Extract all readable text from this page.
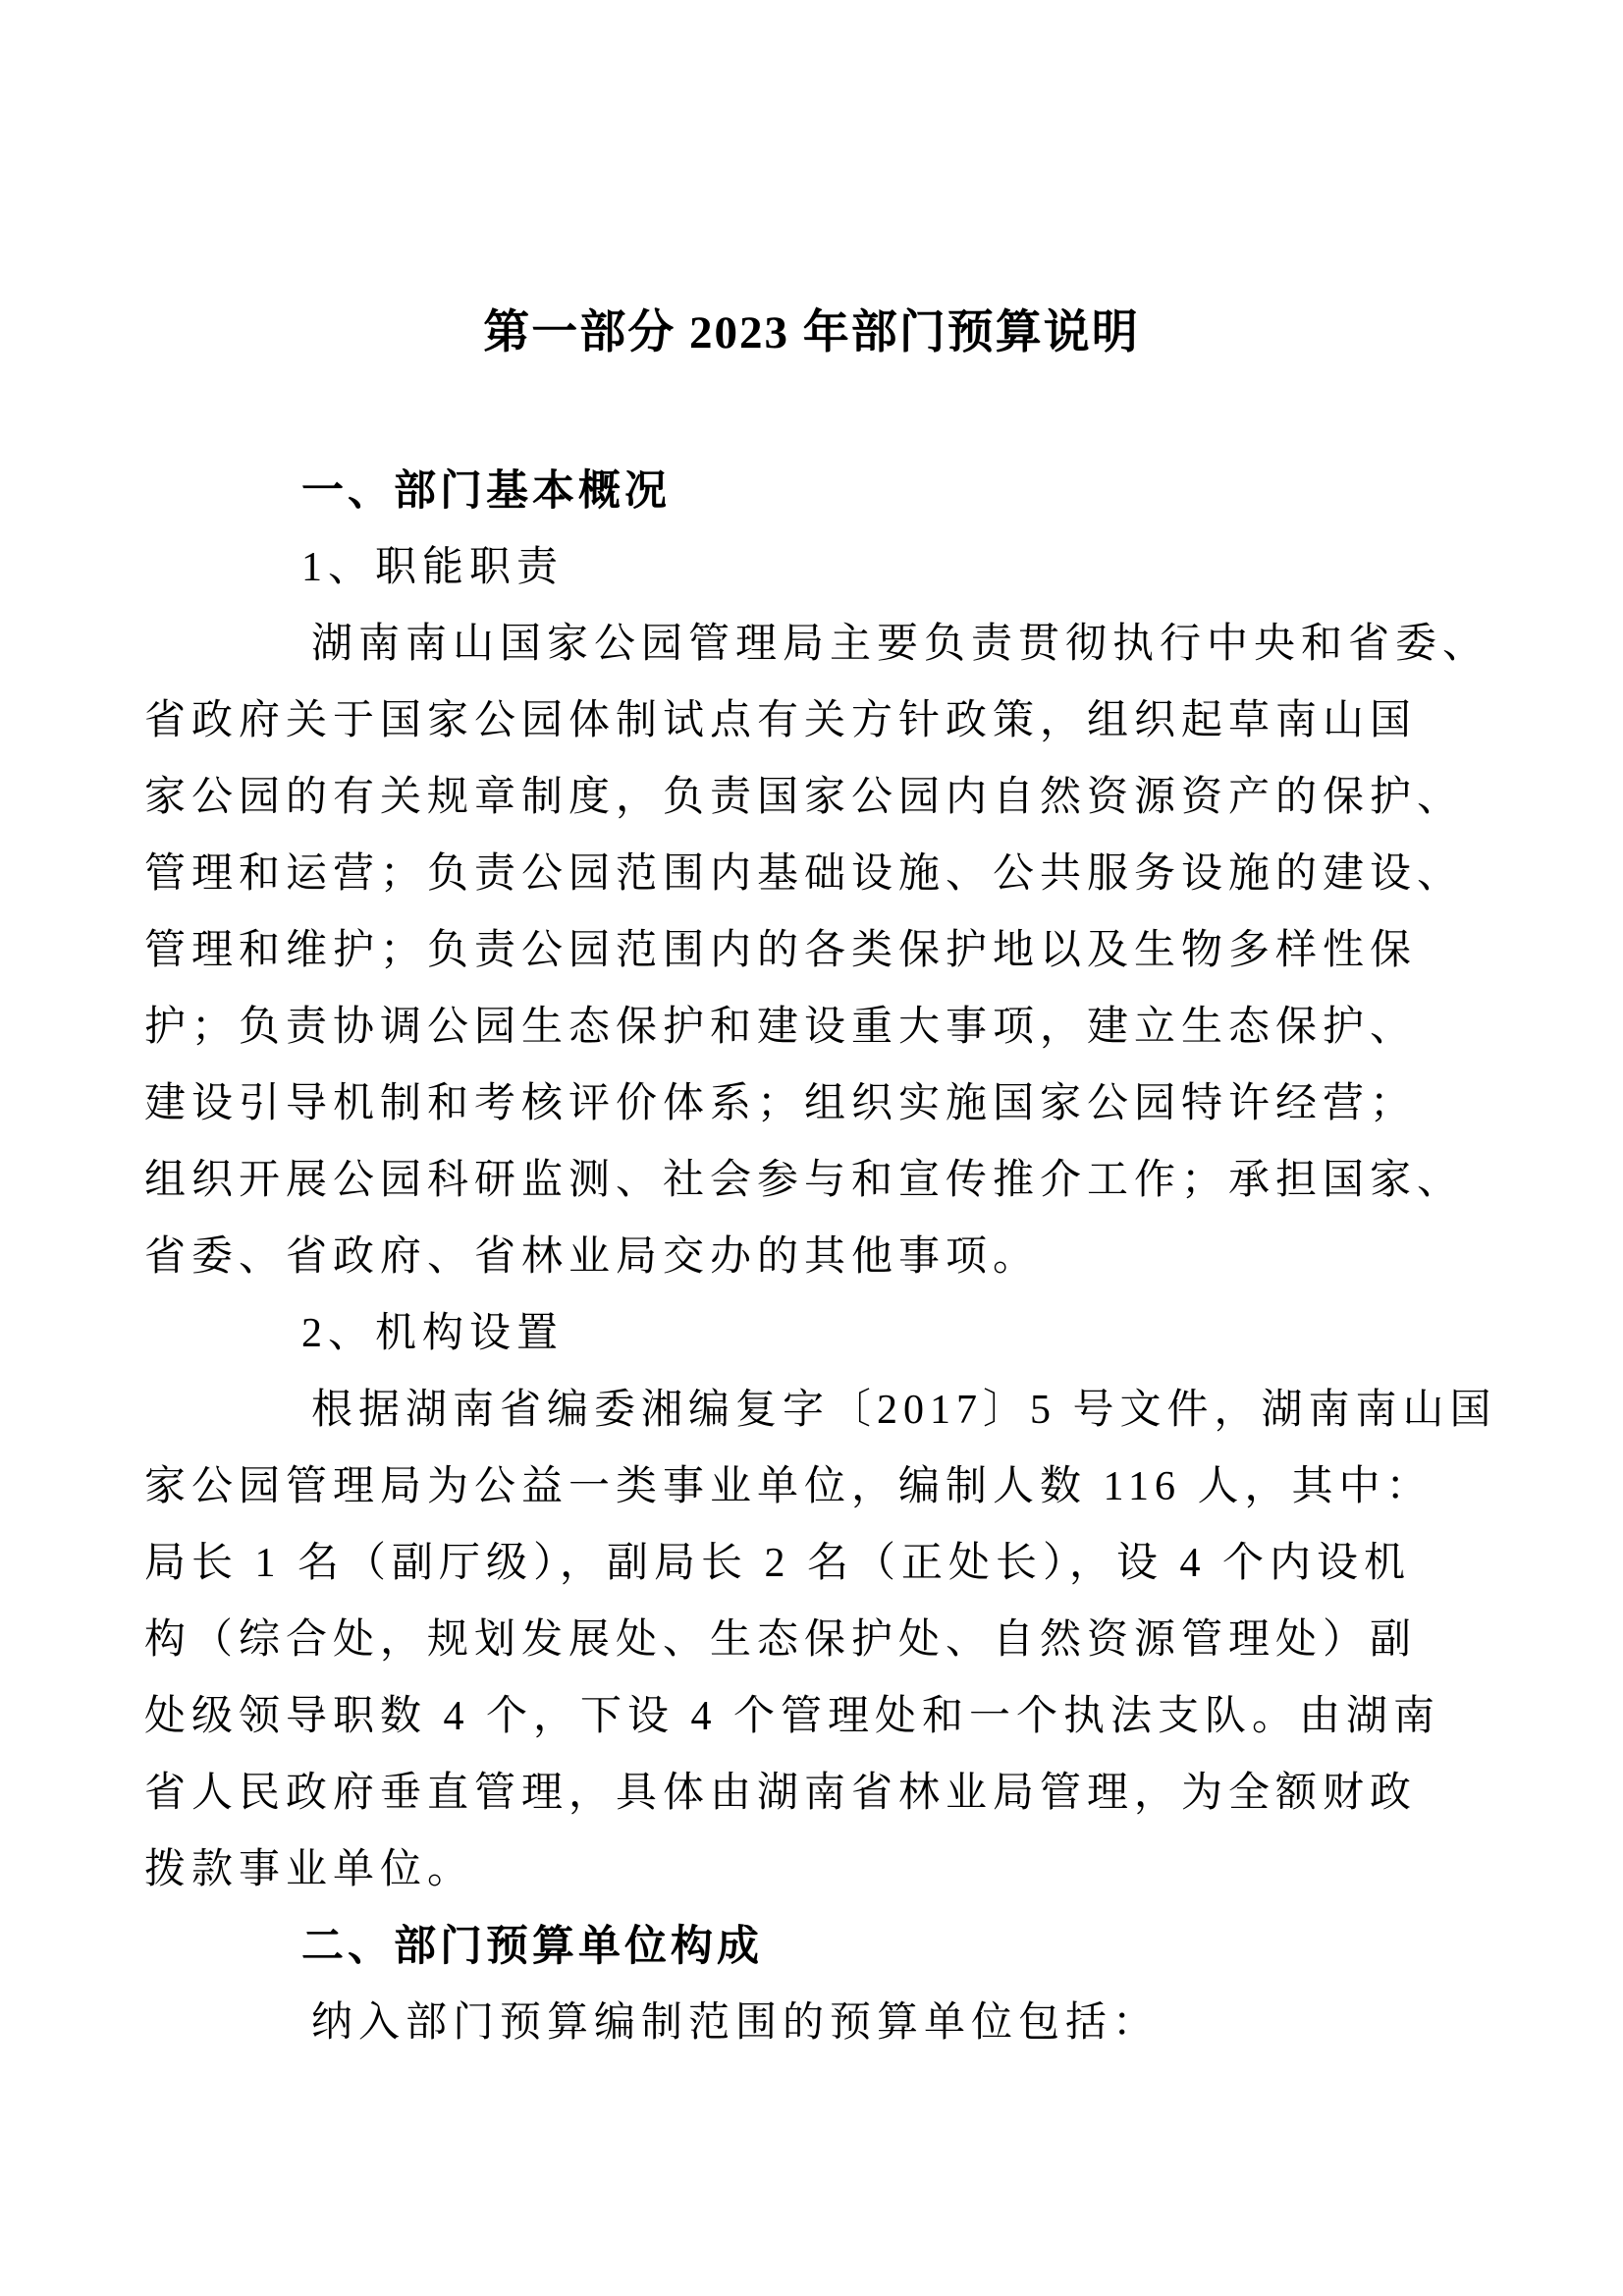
第一部分 2023 年部门预算说明
一、部门基本概况
1、职能职责
湖南南山国家公园管理局主要负责贯彻执行中央和省委、
省政府关于国家公园体制试点有关方针政策，组织起草南山国
家公园的有关规章制度，负责国家公园内自然资源资产的保护、
管理和运营；负责公园范围内基础设施、公共服务设施的建设、
管理和维护；负责公园范围内的各类保护地以及生物多样性保
护；负责协调公园生态保护和建设重大事项，建立生态保护、
建设引导机制和考核评价体系；组织实施国家公园特许经营；
组织开展公园科研监测、社会参与和宣传推介工作；承担国家、
省委、省政府、省林业局交办的其他事项。
2、机构设置
根据湖南省编委湘编复字〔2017〕5 号文件，湖南南山国
家公园管理局为公益一类事业单位，编制人数 116 人，其中：
局长 1 名（副厅级），副局长 2 名（正处长），设 4 个内设机
构（综合处，规划发展处、生态保护处、自然资源管理处）副
处级领导职数 4 个，下设 4 个管理处和一个执法支队。由湖南
省人民政府垂直管理，具体由湖南省林业局管理，为全额财政
拨款事业单位。
二、部门预算单位构成
纳入部门预算编制范围的预算单位包括：
